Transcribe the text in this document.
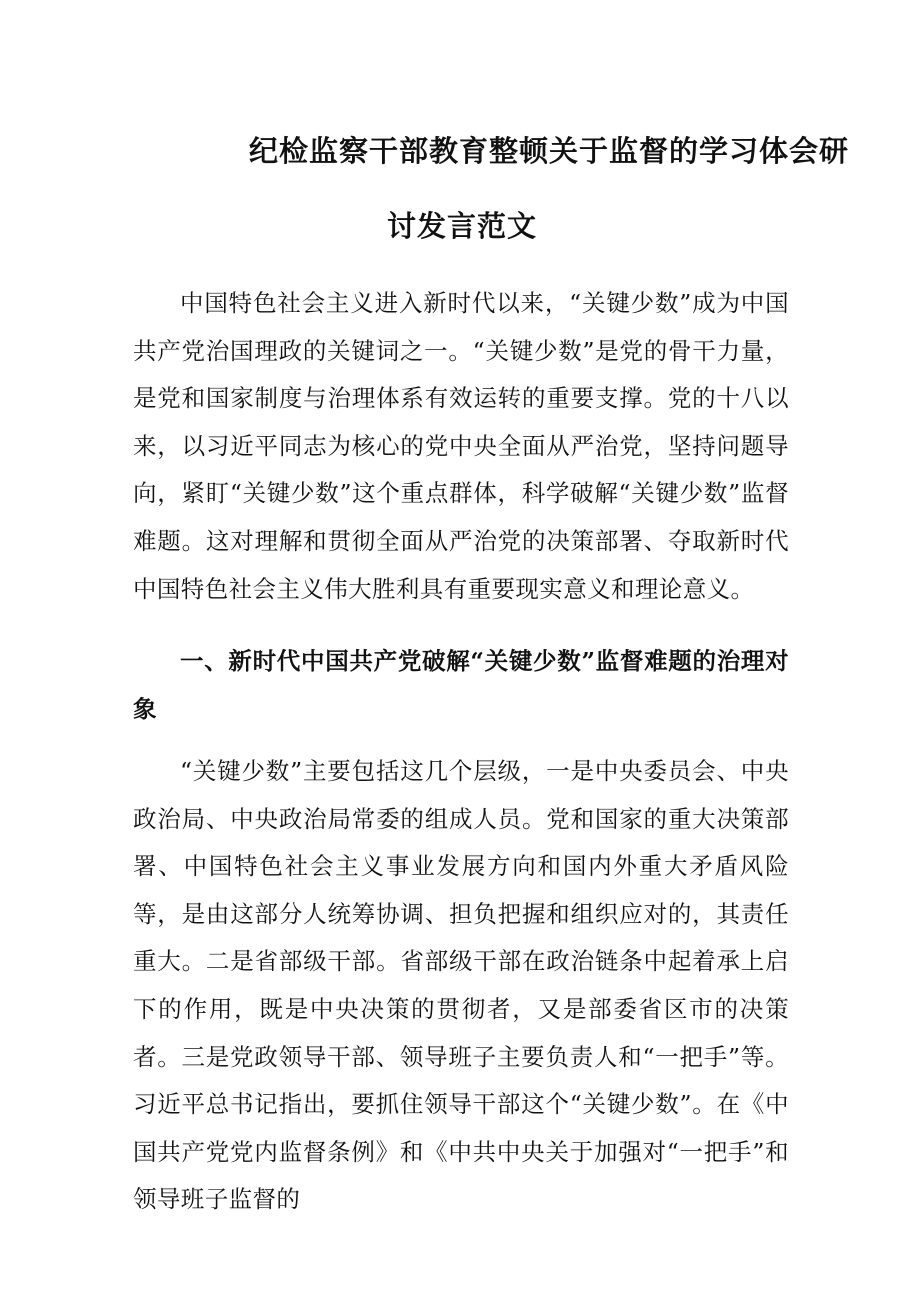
纪检监察干部教育整顿关于监督的学习体会研
讨发言范文

中国特色社会主义进入新时代以来，“关键少数”成为中国共产党治国理政的关键词之一。“关键少数”是党的骨干力量，是党和国家制度与治理体系有效运转的重要支撑。党的十八以来，以习近平同志为核心的党中央全面从严治党，坚持问题导向，紧盯“关键少数”这个重点群体，科学破解“关键少数”监督难题。这对理解和贯彻全面从严治党的决策部署、夺取新时代中国特色社会主义伟大胜利具有重要现实意义和理论意义。

一、新时代中国共产党破解“关键少数”监督难题的治理对象

“关键少数”主要包括这几个层级，一是中央委员会、中央政治局、中央政治局常委的组成人员。党和国家的重大决策部署、中国特色社会主义事业发展方向和国内外重大矛盾风险等，是由这部分人统筹协调、担负把握和组织应对的，其责任重大。二是省部级干部。省部级干部在政治链条中起着承上启下的作用，既是中央决策的贯彻者，又是部委省区市的决策者。三是党政领导干部、领导班子主要负责人和“一把手”等。习近平总书记指出，要抓住领导干部这个“关键少数”。在《中国共产党党内监督条例》和《中共中央关于加强对“一把手”和领导班子监督的
